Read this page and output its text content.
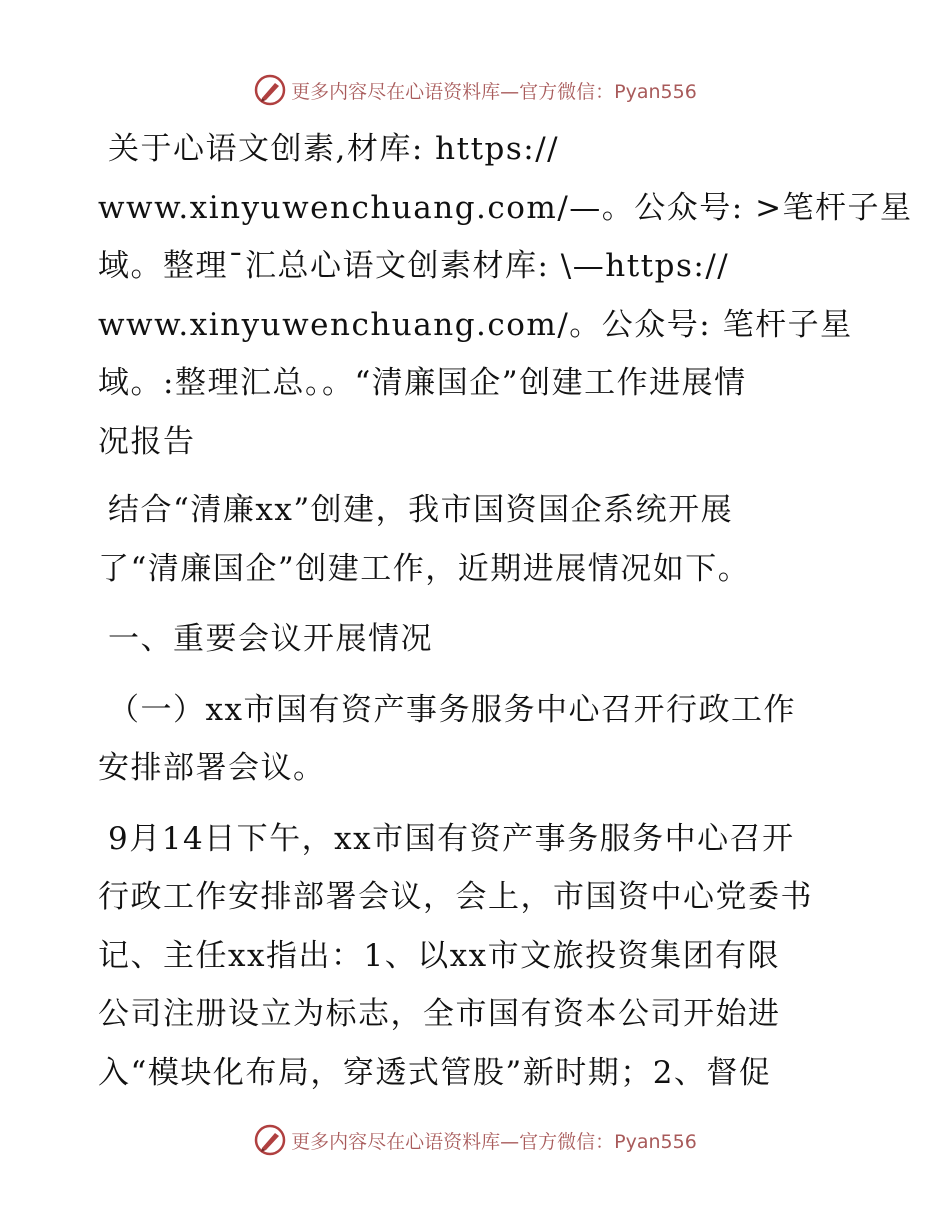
更多内容尽在心语资料库—官方微信：Pyan556

关于心语文创素,材库: https://
www.xinyuwenchuang.com/—。公众号: >笔杆子星
域。整理¯汇总心语文创素材库: \—https://
www.xinyuwenchuang.com/。公众号: 笔杆子星
域。:整理汇总。。“清廉国企”创建工作进展情
况报告

结合“清廉xx”创建，我市国资国企系统开展
了“清廉国企”创建工作，近期进展情况如下。

一、重要会议开展情况

（一）xx市国有资产事务服务中心召开行政工作
安排部署会议。

9月14日下午，xx市国有资产事务服务中心召开
行政工作安排部署会议，会上，市国资中心党委书
记、主任xx指出：1、以xx市文旅投资集团有限
公司注册设立为标志，全市国有资本公司开始进
入“模块化布局，穿透式管股”新时期；2、督促

更多内容尽在心语资料库—官方微信：Pyan556
